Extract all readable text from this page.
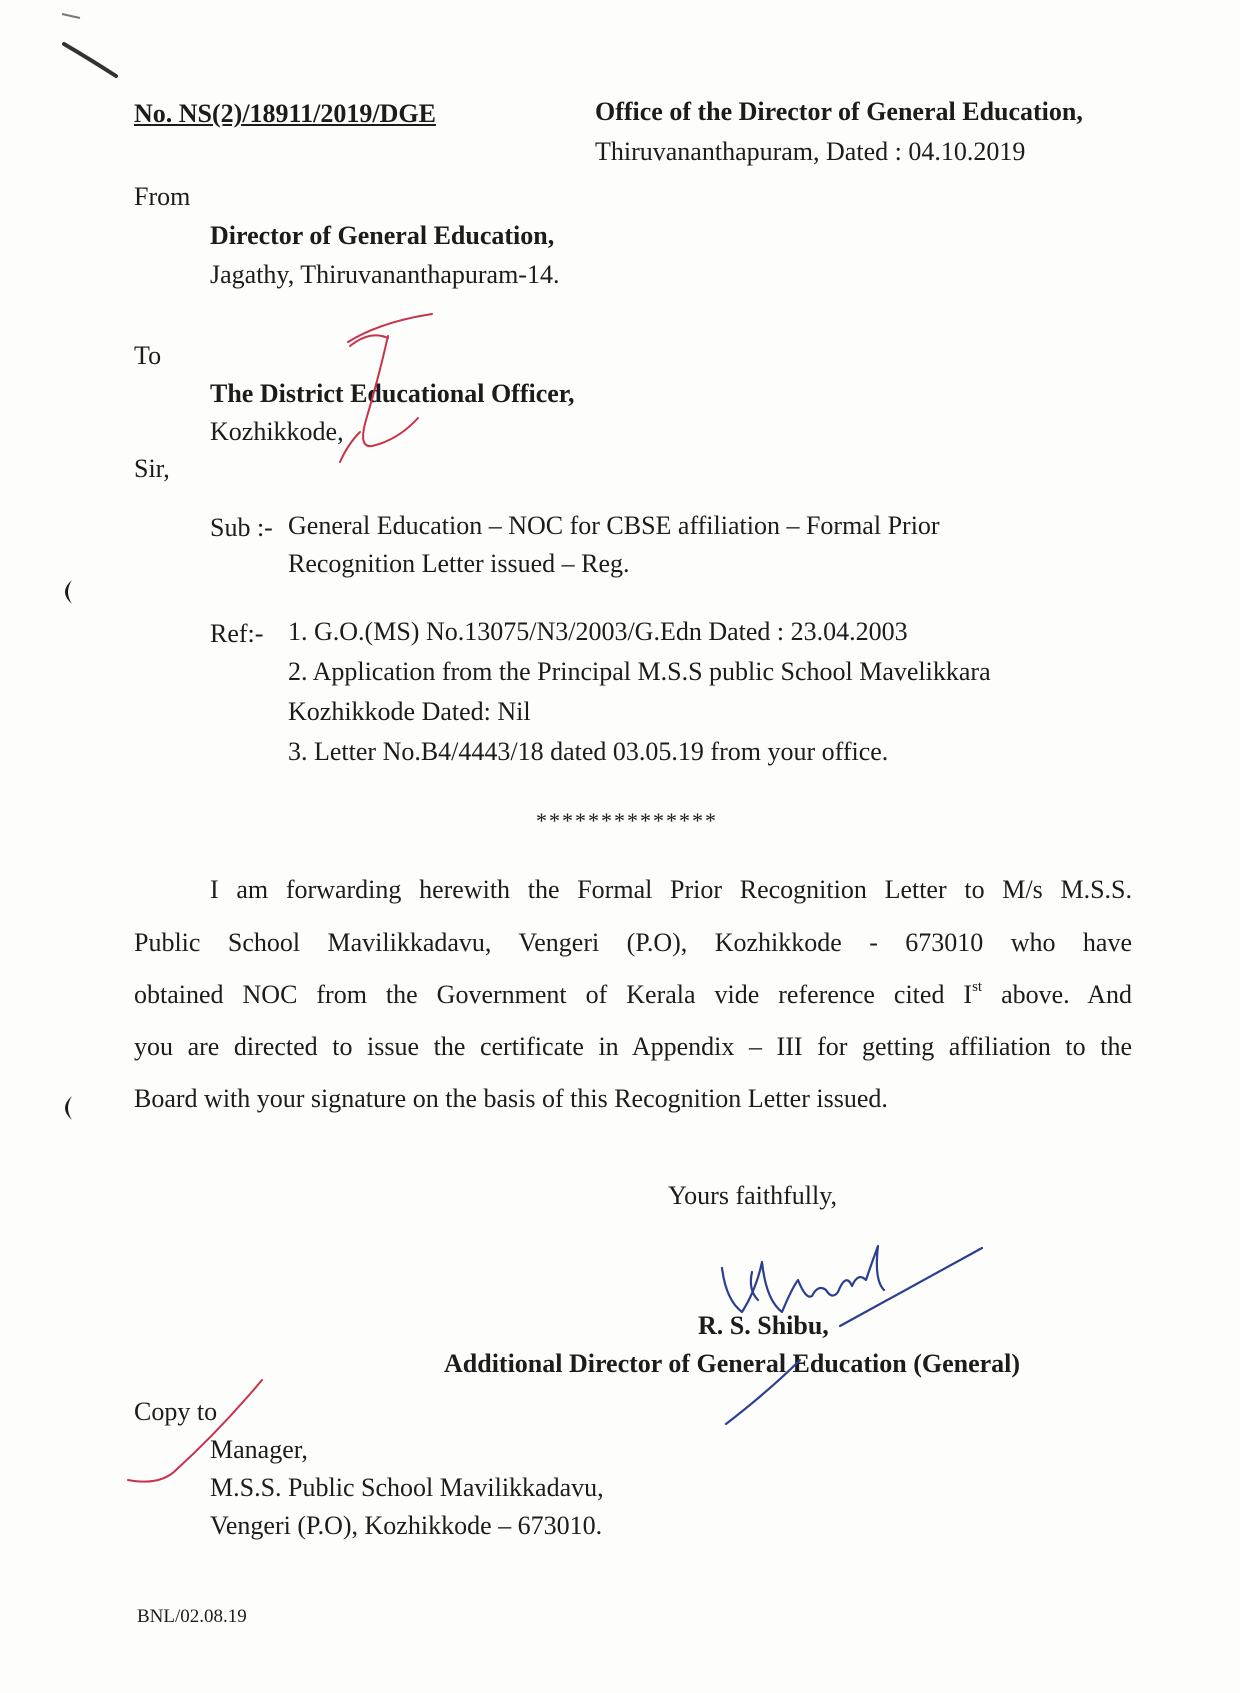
No. NS(2)/18911/2019/DGE	Office of the Director of General Education,
Thiruvananthapuram, Dated : 04.10.2019
From
Director of General Education,
Jagathy, Thiruvananthapuram-14.
To
The District Educational Officer,
Kozhikkode,
Sir,
Sub :- General Education – NOC for CBSE affiliation – Formal Prior
Recognition Letter issued – Reg.
Ref:- 1. G.O.(MS) No.13075/N3/2003/G.Edn Dated : 23.04.2003
2. Application from the Principal M.S.S public School Mavelikkara
Kozhikkode Dated: Nil
3. Letter No.B4/4443/18 dated 03.05.19 from your office.
**************
I am forwarding herewith the Formal Prior Recognition Letter to M/s M.S.S.
Public School Mavilikkadavu, Vengeri (P.O), Kozhikkode - 673010 who have
obtained NOC from the Government of Kerala vide reference cited Ist above. And
you are directed to issue the certificate in Appendix – III for getting affiliation to the
Board with your signature on the basis of this Recognition Letter issued.
Yours faithfully,
R. S. Shibu,
Additional Director of General Education (General)
Copy to
Manager,
M.S.S. Public School Mavilikkadavu,
Vengeri (P.O), Kozhikkode – 673010.
BNL/02.08.19
